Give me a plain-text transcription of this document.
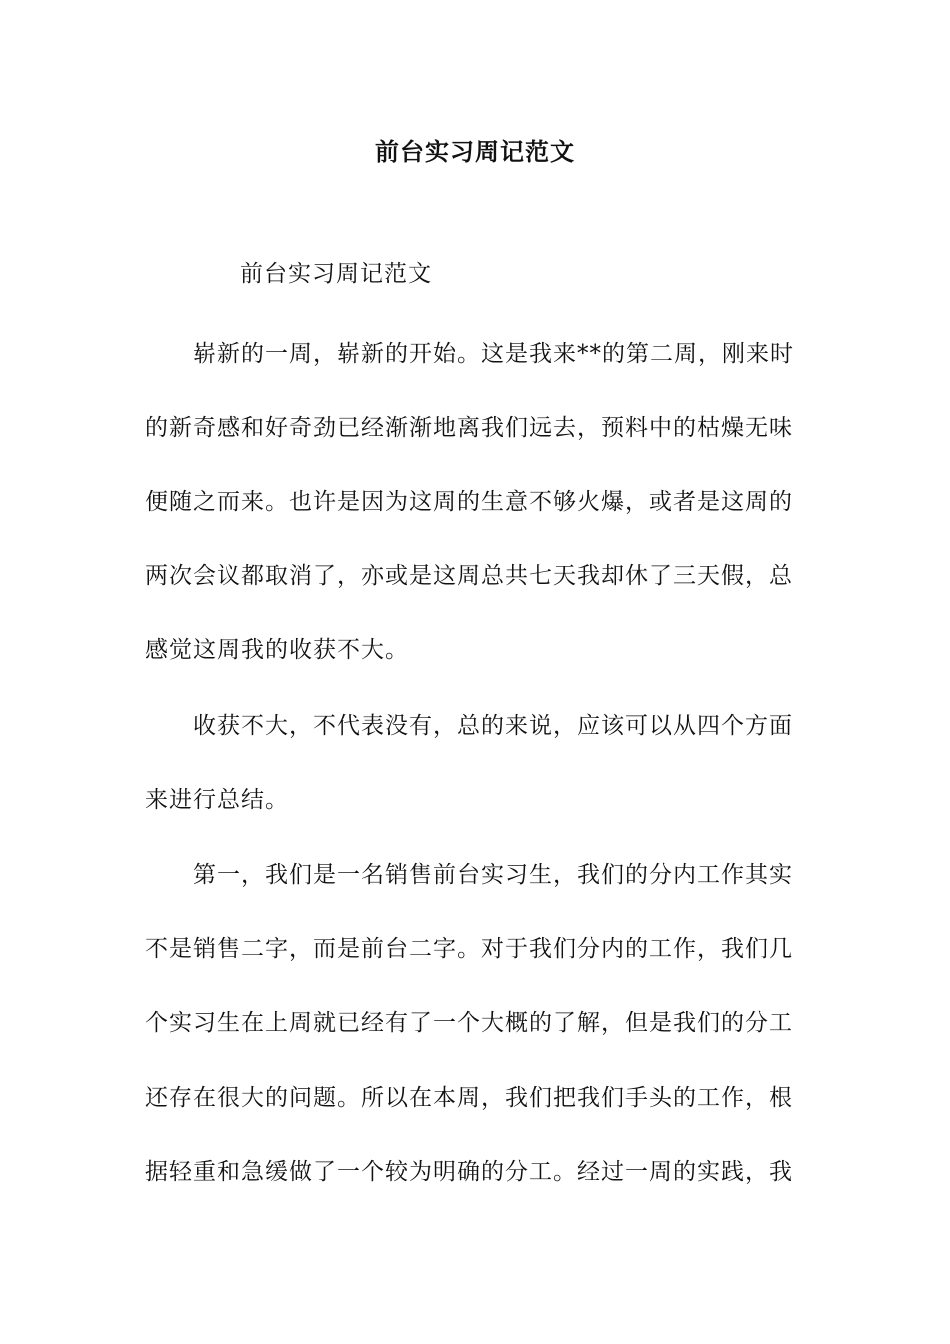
前台实习周记范文
前台实习周记范文
崭新的一周，崭新的开始。这是我来**的第二周，刚来时
的新奇感和好奇劲已经渐渐地离我们远去，预料中的枯燥无味
便随之而来。也许是因为这周的生意不够火爆，或者是这周的
两次会议都取消了，亦或是这周总共七天我却休了三天假，总
感觉这周我的收获不大。
收获不大，不代表没有，总的来说，应该可以从四个方面
来进行总结。
第一，我们是一名销售前台实习生，我们的分内工作其实
不是销售二字，而是前台二字。对于我们分内的工作，我们几
个实习生在上周就已经有了一个大概的了解，但是我们的分工
还存在很大的问题。所以在本周，我们把我们手头的工作，根
据轻重和急缓做了一个较为明确的分工。经过一周的实践，我
